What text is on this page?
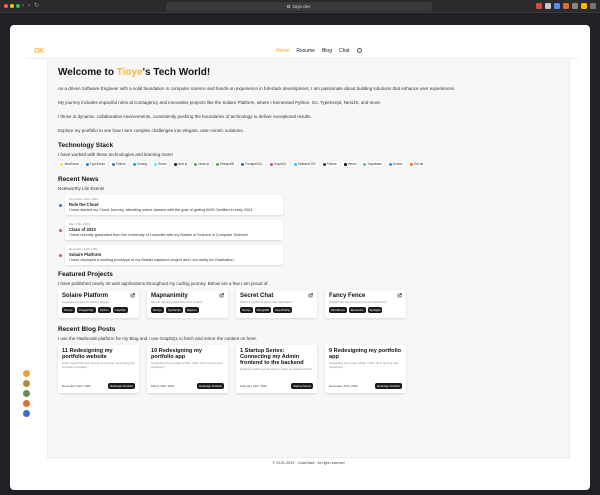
‹ › ↻	tioye.dev
OK	Home Resume Blog Chat
Welcome to Tioye's Tech World!

As a driven Software Engineer with a solid foundation in computer science and hands-on experience in full-stack development, I am passionate about building solutions that enhance user experiences.

My journey includes impactful roles at Contagency and innovative projects like the Solaire Platform, where I harnessed Python, Go, TypeScript, NestJS, and more.

I thrive in dynamic, collaborative environments, consistently pushing the boundaries of technology to deliver exceptional results.

Explore my portfolio to see how I turn complex challenges into elegant, user-centric solutions.

Technology Stack

I have worked with these technologies and learning more!

JavaScript	TypeScript	Python	Golang	React	Next.js	Node.js	MongoDB	PostgreSQL	GraphQL	TailwindCSS	Prisma	Vercel	Supabase	Docker	GitLab
Recent News

Noteworthy Life Events

December 15th, 2023
Rule the Cloud
I have started my Cloud Journey, attending online classes with the goal of getting AWS Certified in early 2024
May 13th, 2023
Class of 2023
I have recently graduated from the University of Louisville with my Master of Science in Computer Science!
December 15th, 2022
Solaire Platform
I have deployed a working prototype of my Master capstone project and I am ready for Graduation.
Featured Projects

I have published nearly 40 web applications throughout my coding journey. Below are a few I am proud of.

Solaire Platform
Capstone project for Master degree
Next.js	PostgreSQL	Python	GraphQL
Mapnanimity
Simple mapping application for Charity
Next.js	TypeScript	Mapbox
Secret Chat
Chat for end-encrypted chat application
Next.js	MongoDB	OpenPGP.js
Fancy Fence
WordPress site for Fancy Fence Ltd launch
WordPress	Elementor	Spotlight
Recent Blog Posts

I use the Hashnode platform for my Blog and I use GraphQL to fetch and mirror the content on here.

11 Redesigning my portfolio website
Enter TypeScript and Next.js to revamp, continuing the process of simplify...
December 26th, 2022	Redesign Portfolio
10 Redesigning my portfolio app
Upgrading from a plain HTML, CSS, JS to Next.js and Graphql.js
March 16th, 2022	Redesign Portfolio
1 Startup Series: Connecting my Admin frontend to the backend
Neutral UI with app directory in Next for backend fetch
February 16th, 2022	Startup Series
9 Redesigning my portfolio app
Upgrading from plain HTML, CSS, JS to Next.js and Graphql.js
December 29th, 2022	Redesign Portfolio
© 2019–2024 · CodeGladt · All right reserved
